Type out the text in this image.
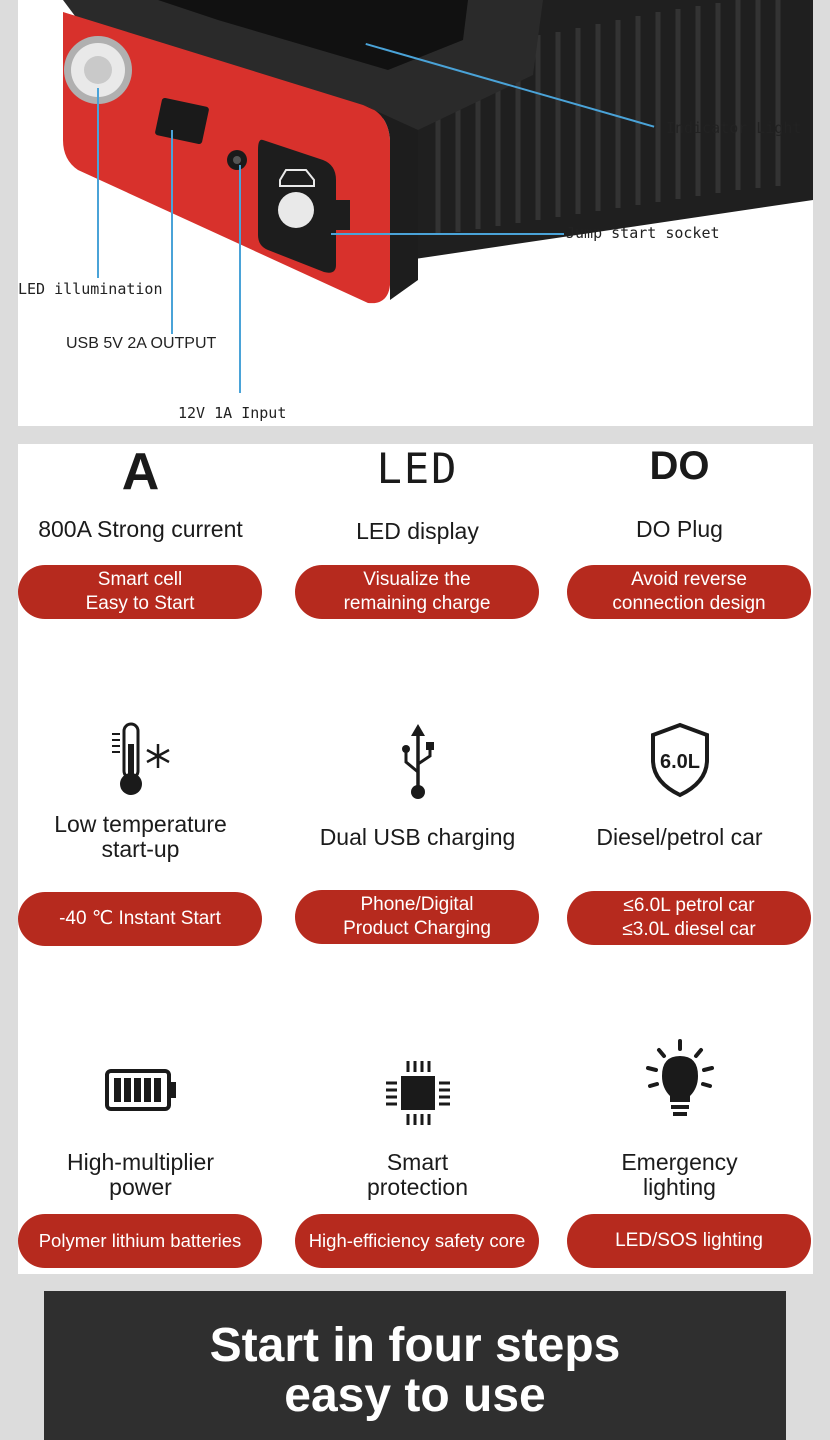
Indicator Light
Jump start socket
LED illumination
USB 5V 2A OUTPUT
12V 1A Input
A
800A Strong current
Smart cell
Easy to Start
LED
LED display
Visualize the
remaining charge
DO
DO Plug
Avoid reverse
connection design
Low temperature
start-up
-40 ℃ Instant Start
Dual USB charging
Phone/Digital
Product Charging
6.0L
Diesel/petrol car
≤6.0L petrol car
≤3.0L diesel car
High-multiplier
power
Polymer lithium batteries
Smart
protection
High-efficiency safety core
Emergency
lighting
LED/SOS lighting
Start in four steps
easy to use
